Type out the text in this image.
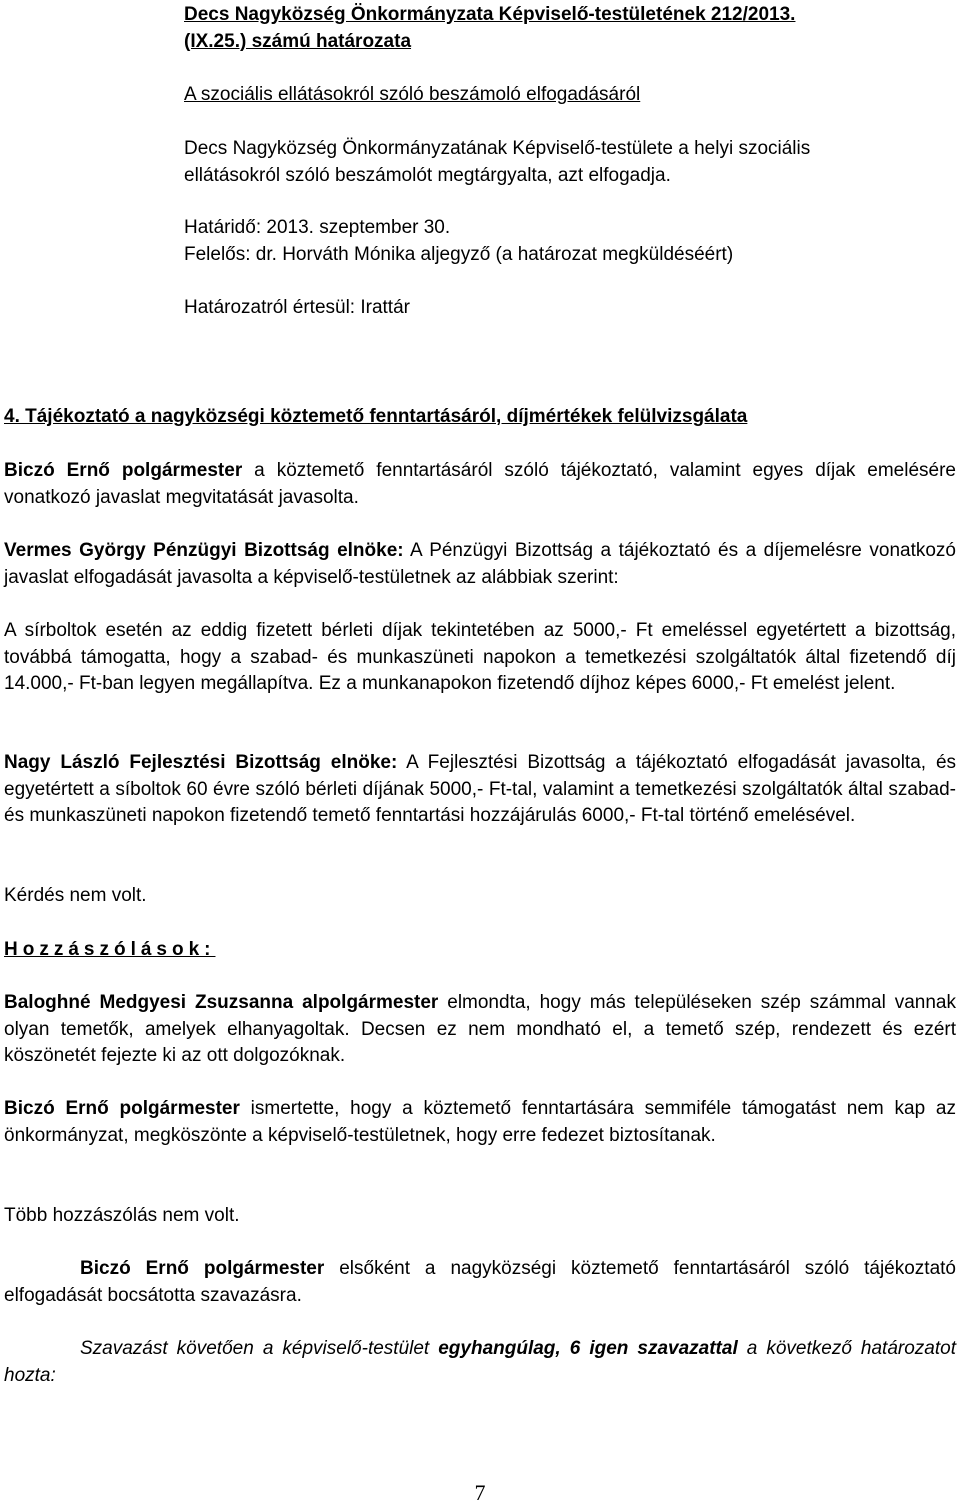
Decs Nagyközség Önkormányzata Képviselő-testületének 212/2013.
(IX.25.) számú határozata
A szociális ellátásokról szóló beszámoló elfogadásáról
Decs Nagyközség Önkormányzatának Képviselő-testülete a helyi szociális
ellátásokról szóló beszámolót megtárgyalta, azt elfogadja.
Határidő: 2013. szeptember 30.
Felelős: dr. Horváth Mónika aljegyző (a határozat megküldéséért)
Határozatról értesül: Irattár
4. Tájékoztató a nagyközségi köztemető fenntartásáról, díjmértékek felülvizsgálata
Biczó Ernő polgármester a köztemető fenntartásáról szóló tájékoztató, valamint egyes díjak emelésére vonatkozó javaslat megvitatását javasolta.
Vermes György Pénzügyi Bizottság elnöke: A Pénzügyi Bizottság a tájékoztató és a díjemelésre vonatkozó javaslat elfogadását javasolta a képviselő-testületnek az alábbiak szerint:
A sírboltok esetén az eddig fizetett bérleti díjak tekintetében az 5000,- Ft emeléssel egyetértett a bizottság, továbbá támogatta, hogy a szabad- és munkaszüneti napokon a temetkezési szolgáltatók által fizetendő díj 14.000,- Ft-ban legyen megállapítva. Ez a munkanapokon fizetendő díjhoz képes 6000,- Ft emelést jelent.
Nagy László Fejlesztési Bizottság elnöke: A Fejlesztési Bizottság a tájékoztató elfogadását javasolta, és egyetértett a síboltok 60 évre szóló bérleti díjának 5000,- Ft-tal, valamint a temetkezési szolgáltatók által szabad- és munkaszüneti napokon fizetendő temető fenntartási hozzájárulás 6000,- Ft-tal történő emelésével.
Kérdés nem volt.
Hozzászólások:
Baloghné Medgyesi Zsuzsanna alpolgármester elmondta, hogy más településeken szép számmal vannak olyan temetők, amelyek elhanyagoltak. Decsen ez nem mondható el, a temető szép, rendezett és ezért köszönetét fejezte ki az ott dolgozóknak.
Biczó Ernő polgármester ismertette, hogy a köztemető fenntartására semmiféle támogatást nem kap az önkormányzat, megköszönte a képviselő-testületnek, hogy erre fedezet biztosítanak.
Több hozzászólás nem volt.
Biczó Ernő polgármester elsőként a nagyközségi köztemető fenntartásáról szóló tájékoztató elfogadását bocsátotta szavazásra.
Szavazást követően a képviselő-testület egyhangúlag, 6 igen szavazattal a következő határozatot hozta:
7
